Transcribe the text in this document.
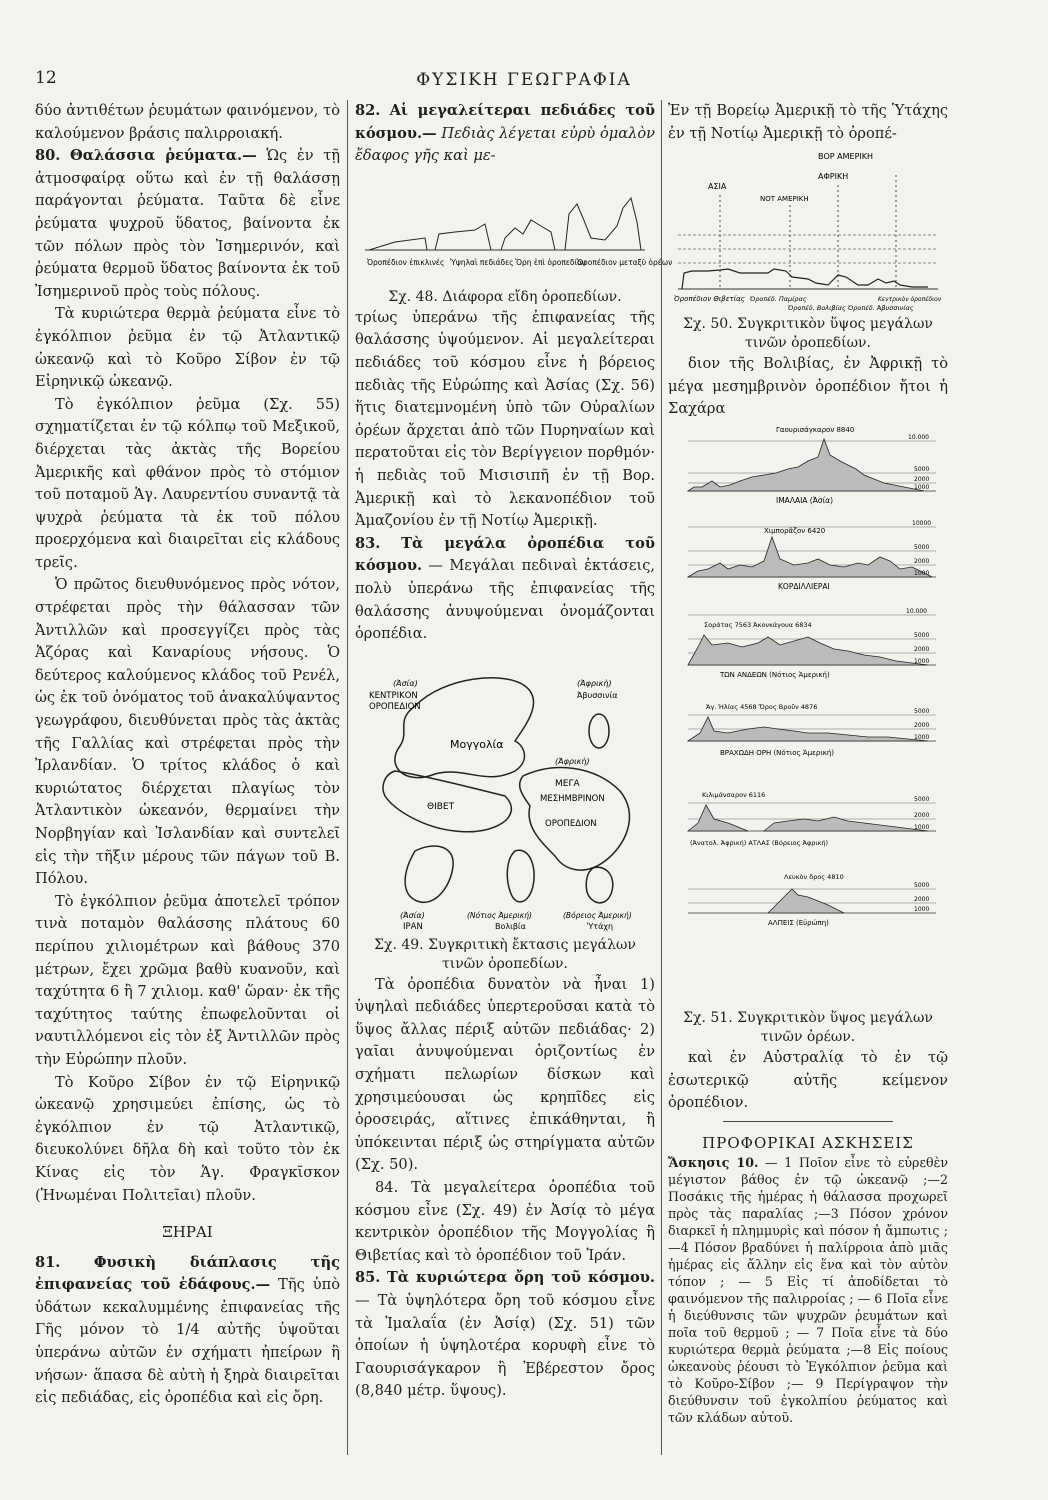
12	ΦΥΣΙΚΗ ΓΕΩΓΡΑΦΙΑ

δύο ἀντιθέτων ῥευμάτων φαινόμενον, τὸ καλούμενον βράσις παλιρροιακή.

80. Θαλάσσια ῥεύματα.— Ὡς ἐν τῇ ἀτμοσφαίρᾳ οὕτω καὶ ἐν τῇ θαλάσσῃ παράγονται ῥεύματα. Ταῦτα δὲ εἶνε ῥεύματα ψυχροῦ ὕδατος, βαίνοντα ἐκ τῶν πόλων πρὸς τὸν Ἰσημερινόν, καὶ ῥεύματα θερμοῦ ὕδατος βαίνοντα ἐκ τοῦ Ἰσημερινοῦ πρὸς τοὺς πόλους.

Τὰ κυριώτερα θερμὰ ῥεύματα εἶνε τὸ ἐγκόλπιον ῥεῦμα ἐν τῷ Ἀτλαντικῷ ὠκεανῷ καὶ τὸ Κοῦρο Σίβον ἐν τῷ Εἰρηνικῷ ὠκεανῷ.

Τὸ ἐγκόλπιον ῥεῦμα (Σχ. 55) σχηματίζεται ἐν τῷ κόλπῳ τοῦ Μεξικοῦ, διέρχεται τὰς ἀκτὰς τῆς Βορείου Ἀμερικῆς καὶ φθάνον πρὸς τὸ στόμιον τοῦ ποταμοῦ Ἁγ. Λαυρεντίου συναντᾷ τὰ ψυχρὰ ῥεύματα τὰ ἐκ τοῦ πόλου προερχόμενα καὶ διαιρεῖται εἰς κλάδους τρεῖς.

Ὁ πρῶτος διευθυνόμενος πρὸς νότον, στρέφεται πρὸς τὴν θάλασσαν τῶν Ἀντιλλῶν καὶ προσεγγίζει πρὸς τὰς Ἀζόρας καὶ Καναρίους νήσους. Ὁ δεύτερος καλούμενος κλάδος τοῦ Ρενέλ, ὡς ἐκ τοῦ ὀνόματος τοῦ ἀνακαλύψαντος γεωγράφου, διευθύνεται πρὸς τὰς ἀκτὰς τῆς Γαλλίας καὶ στρέφεται πρὸς τὴν Ἰρλανδίαν. Ὁ τρίτος κλάδος ὁ καὶ κυριώτατος διέρχεται πλαγίως τὸν Ἀτλαντικὸν ὠκεανόν, θερμαίνει τὴν Νορβηγίαν καὶ Ἰσλανδίαν καὶ συντελεῖ εἰς τὴν τῆξιν μέρους τῶν πάγων τοῦ Β. Πόλου.

Τὸ ἐγκόλπιον ῥεῦμα ἀποτελεῖ τρόπον τινὰ ποταμὸν θαλάσσης πλάτους 60 περίπου χιλιομέτρων καὶ βάθους 370 μέτρων, ἔχει χρῶμα βαθὺ κυανοῦν, καὶ ταχύτητα 6 ἢ 7 χιλιομ. καθ' ὥραν· ἐκ τῆς ταχύτητος ταύτης ἐπωφελοῦνται οἱ ναυτιλλόμενοι εἰς τὸν ἐξ Ἀντιλλῶν πρὸς τὴν Εὐρώπην πλοῦν.

Τὸ Κοῦρο Σίβον ἐν τῷ Εἰρηνικῷ ὠκεανῷ χρησιμεύει ἐπίσης, ὡς τὸ ἐγκόλπιον ἐν τῷ Ἀτλαντικῷ, διευκολύνει δῆλα δὴ καὶ τοῦτο τὸν ἐκ Κίνας εἰς τὸν Ἁγ. Φραγκῖσκον (Ἡνωμέναι Πολιτεῖαι) πλοῦν.

ΞΗΡΑΙ

81. Φυσικὴ διάπλασις τῆς ἐπιφανείας τοῦ ἐδάφους.— Τῆς ὑπὸ ὑδάτων κεκαλυμμένης ἐπιφανείας τῆς Γῆς μόνον τὸ 1/4 αὐτῆς ὑψοῦται ὑπεράνω αὐτῶν ἐν σχήματι ἠπείρων ἢ νήσων· ἅπασα δὲ αὐτὴ ἡ ξηρὰ διαιρεῖται εἰς πεδιάδας, εἰς ὀροπέδια καὶ εἰς ὄρη.

82. Αἱ μεγαλείτεραι πεδιάδες τοῦ κόσμου.— Πεδιὰς λέγεται εὐρὺ ὁμαλὸν ἔδαφος γῆς καὶ με-

Ὀροπέδιον ἐπικλινές Ὑψηλαὶ πεδιάδες Ὄρη ἐπὶ ὀροπεδίου
Ὀροπέδιον μεταξὺ ὀρέων

Σχ. 48. Διάφορα εἴδη ὀροπεδίων.

τρίως ὑπεράνω τῆς ἐπιφανείας τῆς θαλάσσης ὑψούμενον. Αἱ μεγαλείτεραι πεδιάδες τοῦ κόσμου εἶνε ἡ βόρειος πεδιὰς τῆς Εὐρώπης καὶ Ἀσίας (Σχ. 56) ἥτις διατεμνομένη ὑπὸ τῶν Οὐραλίων ὀρέων ἄρχεται ἀπὸ τῶν Πυρηναίων καὶ περατοῦται εἰς τὸν Βερίγγειον πορθμόν· ἡ πεδιὰς τοῦ Μισισιπῆ ἐν τῇ Βορ. Ἀμερικῇ καὶ τὸ λεκανοπέδιον τοῦ Ἀμαζονίου ἐν τῇ Νοτίῳ Ἀμερικῇ.

83. Τὰ μεγάλα ὀροπέδια τοῦ κόσμου. — Μεγάλαι πεδιναὶ ἐκτάσεις, πολὺ ὑπεράνω τῆς ἐπιφανείας τῆς θαλάσσης ἀνυψούμεναι ὀνομάζονται ὀροπέδια.

(Ἀσία)
ΚΕΝΤΡΙΚΟΝ
ΟΡΟΠΕΔΙΟΝ
(Ἀφρικὴ)
Ἀβυσσινία
Μογγολία
(Ἀφρικὴ)
ΘΙΒΕΤ
ΜΕΓΑ
ΜΕΣΗΜΒΡΙΝΟΝ
ΟΡΟΠΕΔΙΟΝ
(Ἀσία)
ΙΡΑΝ
(Νότιος Ἀμερική)
Βολιβία
(Βόρειος Ἀμερική)
Ὑτάχη

Σχ. 49. Συγκριτικὴ ἔκτασις μεγάλων τινῶν ὀροπεδίων.

Τὰ ὀροπέδια δυνατὸν νὰ ἦναι 1) ὑψηλαὶ πεδιάδες ὑπερτεροῦσαι κατὰ τὸ ὕψος ἄλλας πέριξ αὐτῶν πεδιάδας· 2) γαῖαι ἀνυψούμεναι ὁριζοντίως ἐν σχήματι πελωρίων δίσκων καὶ χρησιμεύουσαι ὡς κρηπῖδες εἰς ὀροσειράς, αἵτινες ἐπικάθηνται, ἢ ὑπόκεινται πέριξ ὡς στηρίγματα αὐτῶν (Σχ. 50).

84. Τὰ μεγαλείτερα ὀροπέδια τοῦ κόσμου εἶνε (Σχ. 49) ἐν Ἀσίᾳ τὸ μέγα κεντρικὸν ὀροπέδιον τῆς Μογγολίας ἢ Θιβετίας καὶ τὸ ὀροπέδιον τοῦ Ἰράν.

85. Τὰ κυριώτερα ὄρη τοῦ κόσμου. — Τὰ ὑψηλότερα ὄρη τοῦ κόσμου εἶνε τὰ Ἰμαλαΐα (ἐν Ἀσίᾳ) (Σχ. 51) τῶν ὁποίων ἡ ὑψηλοτέρα κορυφὴ εἶνε τὸ Γαουρισάγκαρον ἢ Ἐβέρεστον ὄρος (8,840 μέτρ. ὕψους).

Ἐν τῇ Βορείῳ Ἀμερικῇ τὸ τῆς Ὑτάχης ἐν τῇ Νοτίῳ Ἀμερικῇ τὸ ὀροπέ-

ΒΟΡ ΑΜΕΡΙΚΗ
ΑΦΡΙΚΗ
ΑΣΙΑ
ΝΟΤ ΑΜΕΡΙΚΗ
Ὀροπέδιον Θιβετίας Ὀροπέδ. Παμίρας
Ὀροπέδ. Βολιβίας Ὀροπέδ. Ἀβυσσινίας
Κεντρικὸν ὀροπέδιον

Σχ. 50. Συγκριτικὸν ὕψος μεγάλων τινῶν ὀροπεδίων.

διον τῆς Βολιβίας, ἐν Ἀφρικῇ τὸ μέγα μεσημβρινὸν ὀροπέδιον ἤτοι ἡ Σαχάρα

Γαουρισάγκαρον 8840
10.000
5000
2000
1000
ΙΜΑΛΑΙΑ (Ἀσία)
Χιμπορᾶζον 6420
10000
5000
2000
1000
ΚΟΡΔΙΛΛΙΕΡΑΙ
Σοράτας 7563 Ἀκονκάγουα 6834
10.000
5000
2000
1000
ΤΩΝ ΑΝΔΕΩΝ (Νότιος Ἀμερική)
Ἁγ. Ἠλίας 4568 Ὄρος Βροῦν 4876
5000
2000
1000
ΒΡΑΧΩΔΗ ΟΡΗ (Νότιος Ἀμερική)
Κιλιμάνσαρον 6116
5000
2000
1000
(Ἀνατολ. Ἀφρική) ΑΤΛΑΣ (Βόρειος Ἀφρική)
Λευκὸν ὄρος 4810
5000
2000
1000
ΑΛΠΕΙΣ (Εὐρώπη)

Σχ. 51. Συγκριτικὸν ὕψος μεγάλων τινῶν ὀρέων.

καὶ ἐν Αὐστραλίᾳ τὸ ἐν τῷ ἐσωτερικῷ αὐτῆς κείμενον ὀροπέδιον.

ΠΡΟΦΟΡΙΚΑΙ ΑΣΚΗΣΕΙΣ

Ἄσκησις 10. — 1 Ποῖον εἶνε τὸ εὑρεθὲν μέγιστον βάθος ἐν τῷ ὠκεανῷ ;—2 Ποσάκις τῆς ἡμέρας ἡ θάλασσα προχωρεῖ πρὸς τὰς παραλίας ;—3 Πόσον χρόνον διαρκεῖ ἡ πλημμυρὶς καὶ πόσον ἡ ἄμπωτις ;—4 Πόσον βραδύνει ἡ παλίρροια ἀπὸ μιᾶς ἡμέρας εἰς ἄλλην εἰς ἕνα καὶ τὸν αὐτὸν τόπον ; — 5 Εἰς τί ἀποδίδεται τὸ φαινόμενον τῆς παλιρροίας ; — 6 Ποῖα εἶνε ἡ διεύθυνσις τῶν ψυχρῶν ῥευμάτων καὶ ποῖα τοῦ θερμοῦ ; — 7 Ποῖα εἶνε τὰ δύο κυριώτερα θερμὰ ῥεύματα ;—8 Εἰς ποίους ὠκεανοὺς ῥέουσι τὸ Ἐγκόλπιον ῥεῦμα καὶ τὸ Κοῦρο-Σίβον ;— 9 Περίγραψον τὴν διεύθυνσιν τοῦ ἐγκολπίου ῥεύματος καὶ τῶν κλάδων αὐτοῦ.
